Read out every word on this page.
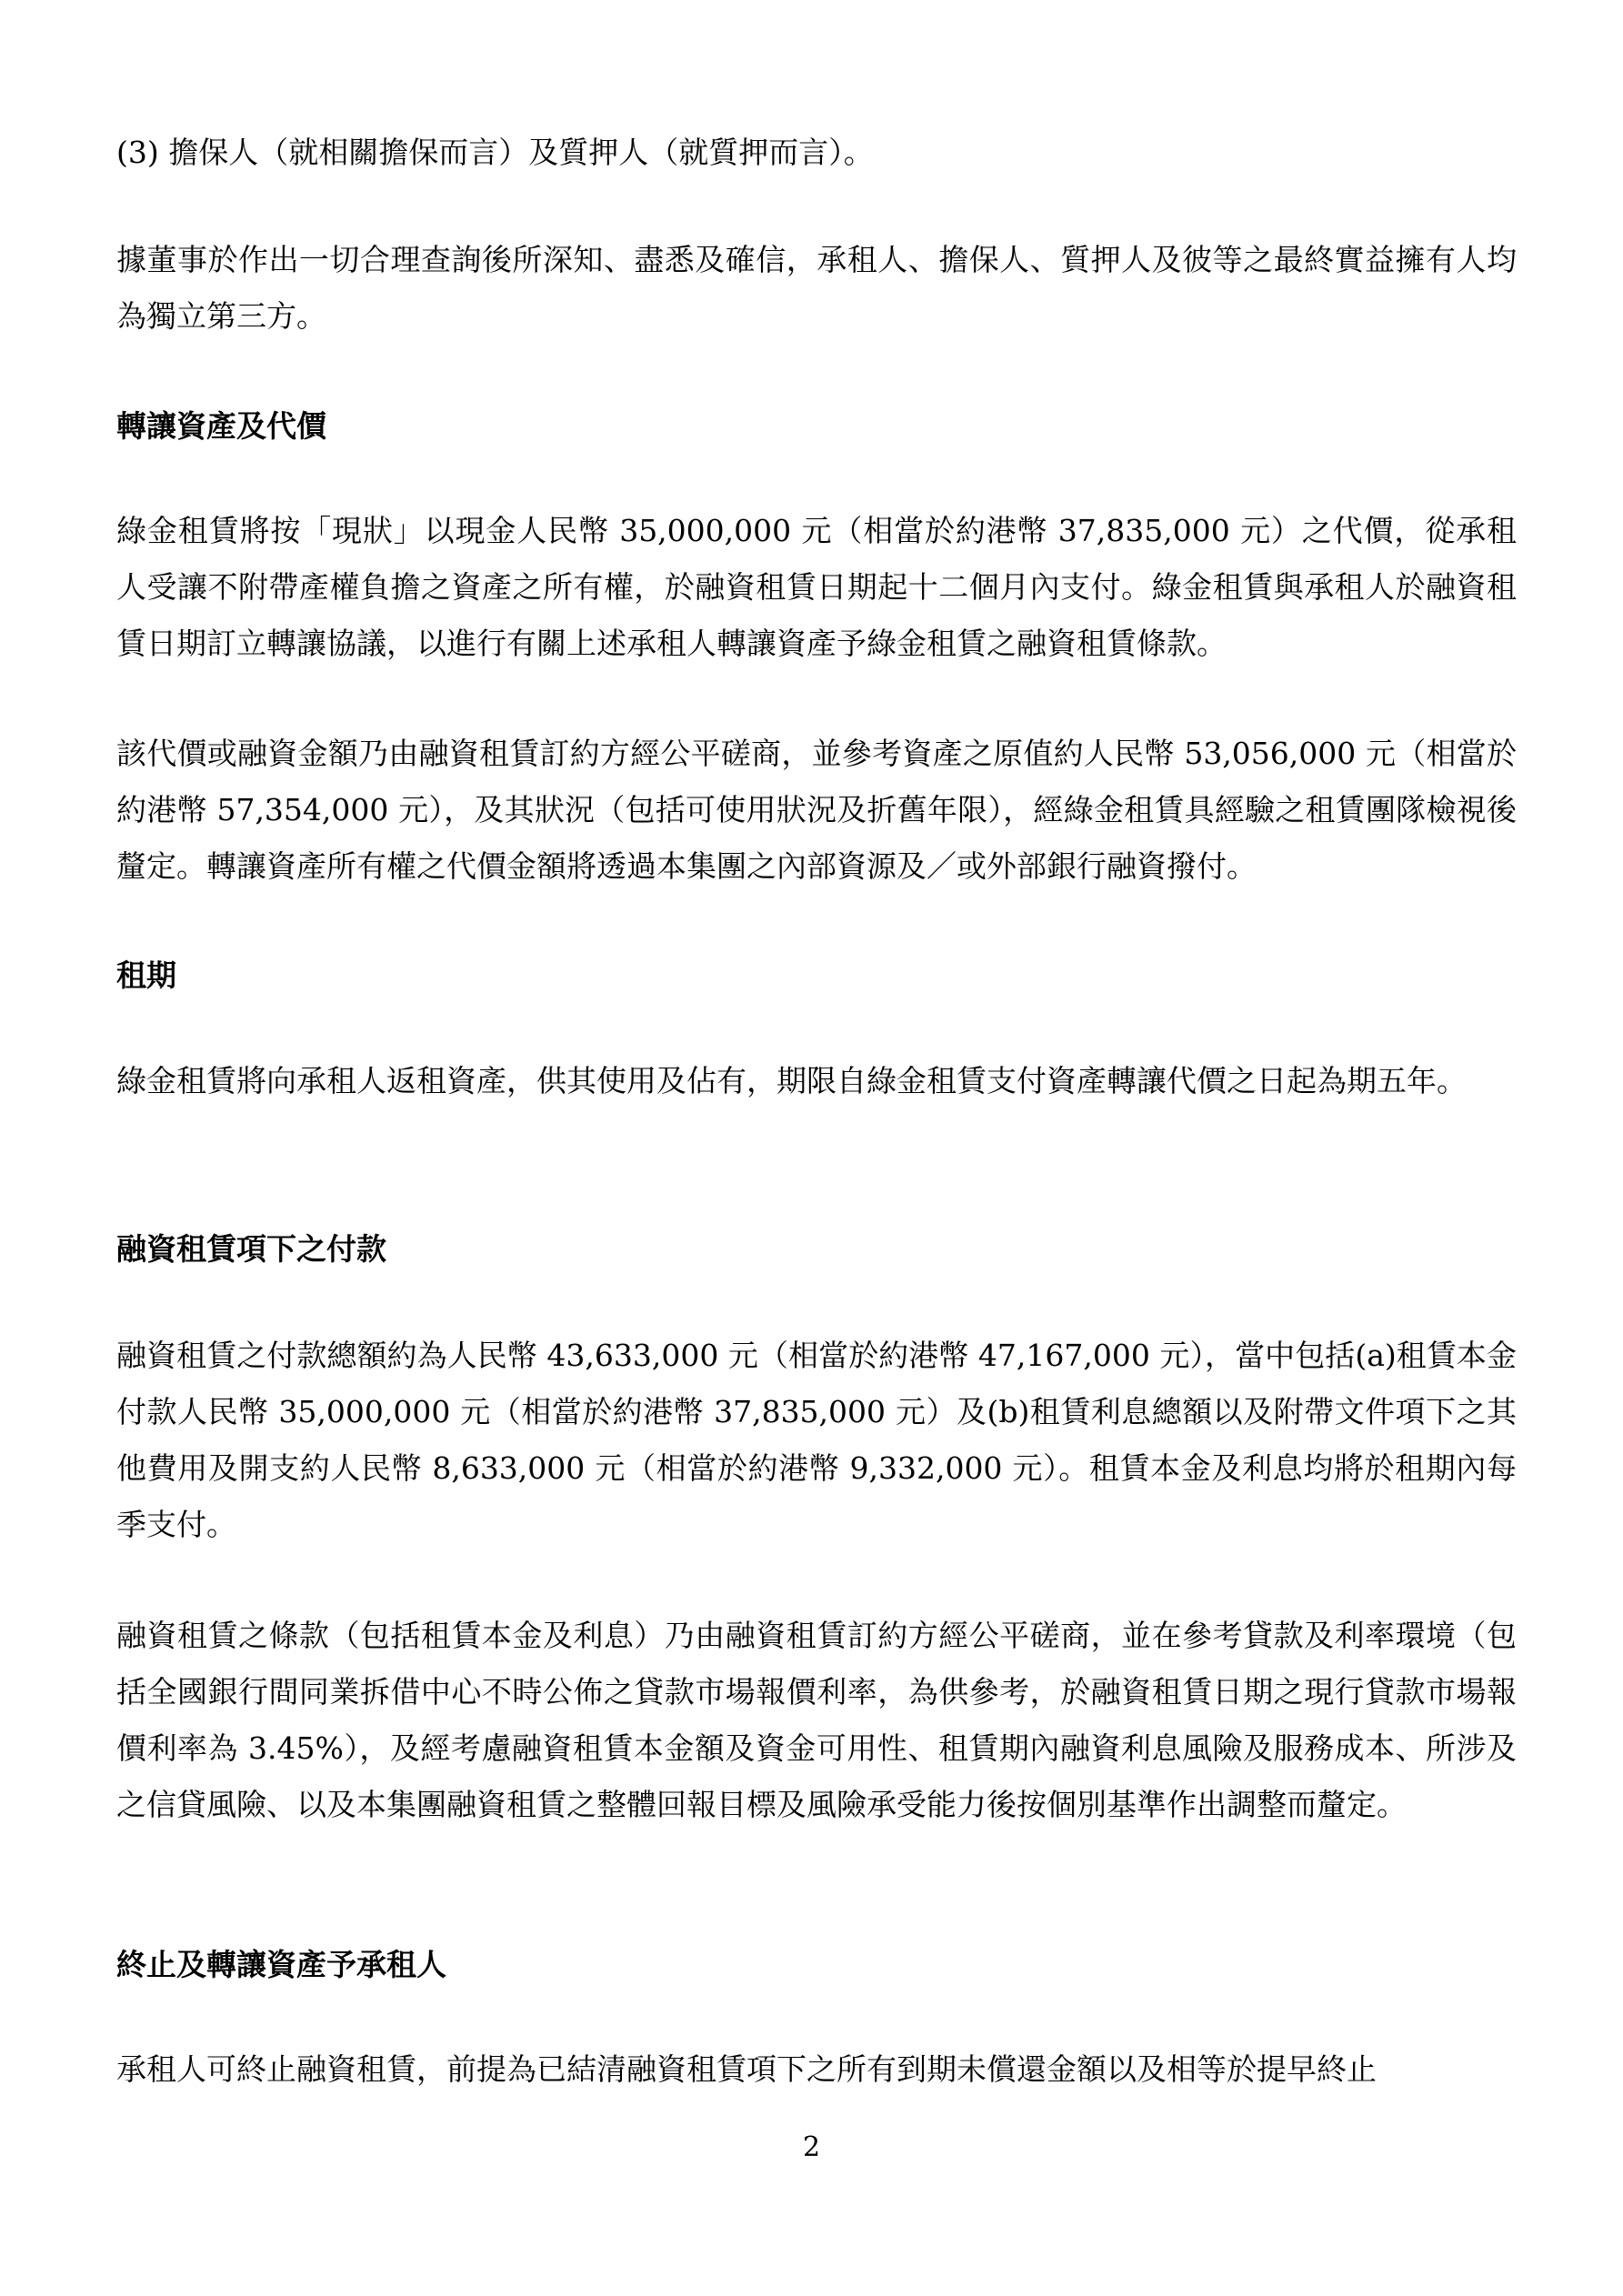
(3) 擔保人（就相關擔保而言）及質押人（就質押而言）。

據董事於作出一切合理查詢後所深知、盡悉及確信，承租人、擔保人、質押人及彼等之最終實益擁有人均為獨立第三方。

轉讓資產及代價

綠金租賃將按「現狀」以現金人民幣 35,000,000 元（相當於約港幣 37,835,000 元）之代價，從承租人受讓不附帶產權負擔之資產之所有權，於融資租賃日期起十二個月內支付。綠金租賃與承租人於融資租賃日期訂立轉讓協議，以進行有關上述承租人轉讓資產予綠金租賃之融資租賃條款。

該代價或融資金額乃由融資租賃訂約方經公平磋商，並參考資產之原值約人民幣 53,056,000 元（相當於約港幣 57,354,000 元），及其狀況（包括可使用狀況及折舊年限），經綠金租賃具經驗之租賃團隊檢視後釐定。轉讓資產所有權之代價金額將透過本集團之內部資源及／或外部銀行融資撥付。

租期

綠金租賃將向承租人返租資產，供其使用及佔有，期限自綠金租賃支付資產轉讓代價之日起為期五年。

融資租賃項下之付款

融資租賃之付款總額約為人民幣 43,633,000 元（相當於約港幣 47,167,000 元），當中包括(a)租賃本金付款人民幣 35,000,000 元（相當於約港幣 37,835,000 元）及(b)租賃利息總額以及附帶文件項下之其他費用及開支約人民幣 8,633,000 元（相當於約港幣 9,332,000 元）。租賃本金及利息均將於租期內每季支付。

融資租賃之條款（包括租賃本金及利息）乃由融資租賃訂約方經公平磋商，並在參考貸款及利率環境（包括全國銀行間同業拆借中心不時公佈之貸款市場報價利率，為供參考，於融資租賃日期之現行貸款市場報價利率為 3.45%），及經考慮融資租賃本金額及資金可用性、租賃期內融資利息風險及服務成本、所涉及之信貸風險、以及本集團融資租賃之整體回報目標及風險承受能力後按個別基準作出調整而釐定。

終止及轉讓資產予承租人

承租人可終止融資租賃，前提為已結清融資租賃項下之所有到期未償還金額以及相等於提早終止

2
